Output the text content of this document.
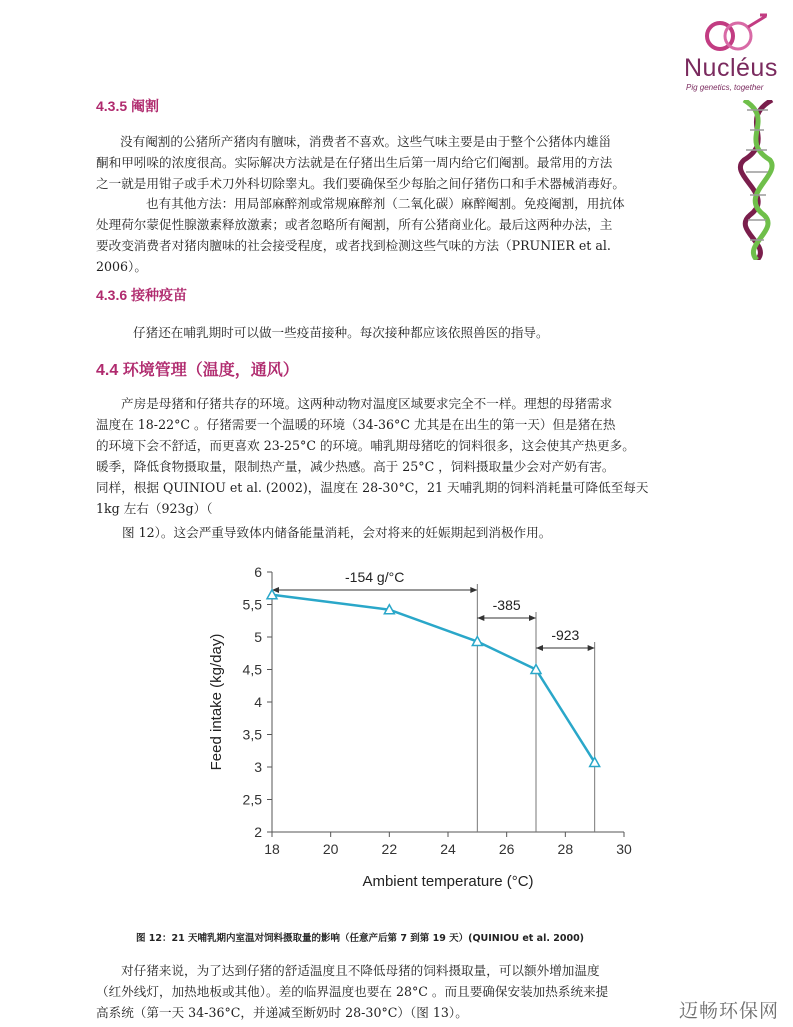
Nucléus
Pig genetics, together
4.3.5 阉割

没有阉割的公猪所产猪肉有膻味，消费者不喜欢。这些气味主要是由于整个公猪体内雄甾

酮和甲吲哚的浓度很高。实际解决方法就是在仔猪出生后第一周内给它们阉割。最常用的方法

之一就是用钳子或手术刀外科切除睾丸。我们要确保至少每胎之间仔猪伤口和手术器械消毒好。

也有其他方法：用局部麻醉剂或常规麻醉剂（二氧化碳）麻醉阉割。免疫阉割，用抗体

处理荷尔蒙促性腺激素释放激素；或者忽略所有阉割，所有公猪商业化。最后这两种办法，主

要改变消费者对猪肉膻味的社会接受程度，或者找到检测这些气味的方法（PRUNIER et al.

2006）。

4.3.6 接种疫苗

仔猪还在哺乳期时可以做一些疫苗接种。每次接种都应该依照兽医的指导。

4.4 环境管理（温度，通风）

产房是母猪和仔猪共存的环境。这两种动物对温度区域要求完全不一样。理想的母猪需求

温度在 18-22°C 。仔猪需要一个温暖的环境（34-36°C 尤其是在出生的第一天）但是猪在热

的环境下会不舒适，而更喜欢 23-25°C 的环境。哺乳期母猪吃的饲料很多，这会使其产热更多。

暖季，降低食物摄取量，限制热产量，减少热感。高于 25°C ，饲料摄取量少会对产奶有害。

同样，根据 QUINIOU et al. (2002)，温度在 28-30°C，21 天哺乳期的饲料消耗量可降低至每天

1kg 左右（923g）（

图 12）。这会严重导致体内储备能量消耗，会对将来的妊娠期起到消极作用。

2
2,5
3
3,5
4
4,5
5
5,5
6
18	20	22	24	26	28	30
-154 g/°C
-385
-923
Ambient temperature (°C)
Feed intake (kg/day)
图 12：21 天哺乳期内室温对饲料摄取量的影响（任意产后第 7 到第 19 天）(QUINIOU et al. 2000)

对仔猪来说，为了达到仔猪的舒适温度且不降低母猪的饲料摄取量，可以额外增加温度

（红外线灯，加热地板或其他）。差的临界温度也要在 28°C 。而且要确保安装加热系统来提

高系统（第一天 34-36°C，并递减至断奶时 28-30°C）（图 13）。	迈畅环保网
